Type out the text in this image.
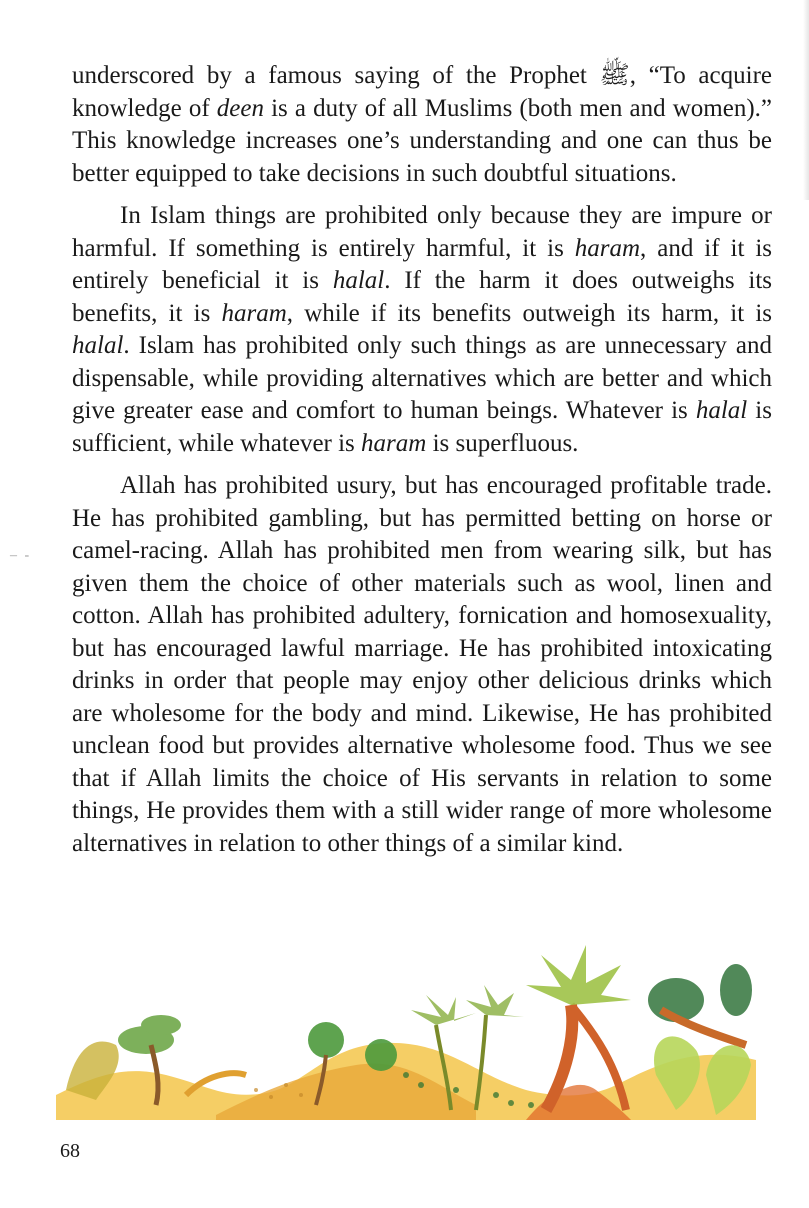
underscored by a famous saying of the Prophet ﷺ, “To acquire knowledge of deen is a duty of all Muslims (both men and women).” This knowledge increases one’s understanding and one can thus be better equipped to take decisions in such doubtful situations.

In Islam things are prohibited only because they are impure or harmful. If something is entirely harmful, it is haram, and if it is entirely beneficial it is halal. If the harm it does outweighs its benefits, it is haram, while if its benefits outweigh its harm, it is halal. Islam has prohibited only such things as are unnecessary and dispensable, while providing alternatives which are better and which give greater ease and comfort to human beings. Whatever is halal is sufficient, while whatever is haram is superfluous.

Allah has prohibited usury, but has encouraged profitable trade. He has prohibited gambling, but has permitted betting on horse or camel-racing. Allah has prohibited men from wearing silk, but has given them the choice of other materials such as wool, linen and cotton. Allah has prohibited adultery, fornication and homosexuality, but has encouraged lawful marriage. He has prohibited intoxicating drinks in order that people may enjoy other delicious drinks which are wholesome for the body and mind. Likewise, He has prohibited unclean food but provides alternative wholesome food. Thus we see that if Allah limits the choice of His servants in relation to some things, He provides them with a still wider range of more wholesome alternatives in relation to other things of a similar kind.

– -
68
